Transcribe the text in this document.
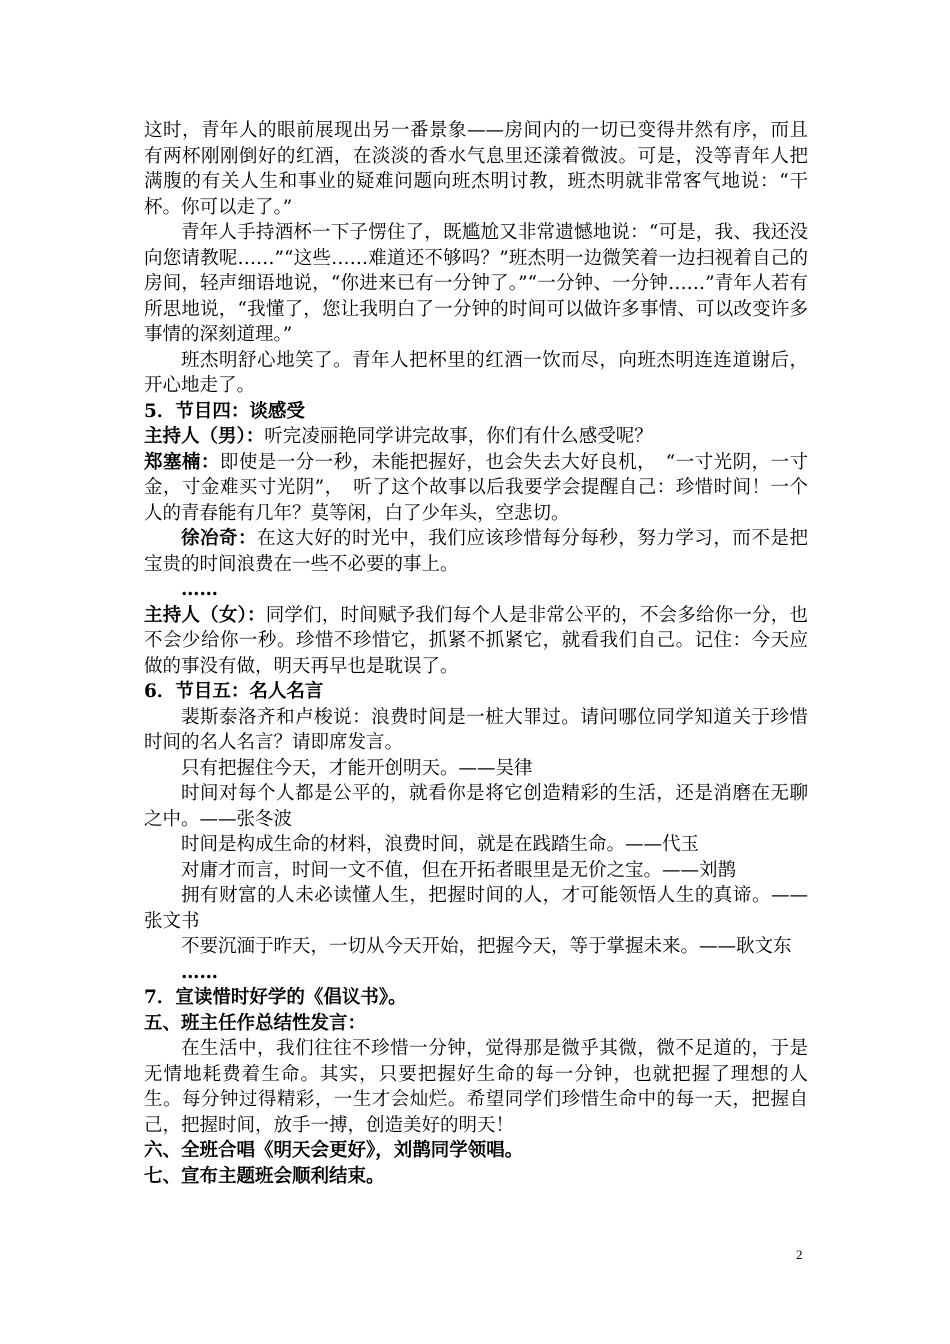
这时，青年人的眼前展现出另一番景象——房间内的一切已变得井然有序，而且有两杯刚刚倒好的红酒，在淡淡的香水气息里还漾着微波。可是，没等青年人把满腹的有关人生和事业的疑难问题向班杰明讨教，班杰明就非常客气地说：“干杯。你可以走了。”

青年人手持酒杯一下子愣住了，既尴尬又非常遗憾地说：“可是，我、我还没向您请教呢……”“这些……难道还不够吗？”班杰明一边微笑着一边扫视着自己的房间，轻声细语地说，“你进来已有一分钟了。”“一分钟、一分钟……”青年人若有所思地说，“我懂了，您让我明白了一分钟的时间可以做许多事情、可以改变许多事情的深刻道理。”

班杰明舒心地笑了。青年人把杯里的红酒一饮而尽，向班杰明连连道谢后，开心地走了。

5．节目四：谈感受

主持人（男）：听完凌丽艳同学讲完故事，你们有什么感受呢？

郑塞楠：即使是一分一秒，未能把握好，也会失去大好良机，　“一寸光阴，一寸金，寸金难买寸光阴”，　听了这个故事以后我要学会提醒自己：珍惜时间！一个人的青春能有几年？莫等闲，白了少年头，空悲切。

徐冶奇：在这大好的时光中，我们应该珍惜每分每秒，努力学习，而不是把宝贵的时间浪费在一些不必要的事上。

……

主持人（女）：同学们，时间赋予我们每个人是非常公平的，不会多给你一分，也不会少给你一秒。珍惜不珍惜它，抓紧不抓紧它，就看我们自己。记住：今天应做的事没有做，明天再早也是耽误了。

6．节目五：名人名言

裴斯泰洛齐和卢梭说：浪费时间是一桩大罪过。请问哪位同学知道关于珍惜时间的名人名言？请即席发言。

只有把握住今天，才能开创明天。——吴律

时间对每个人都是公平的，就看你是将它创造精彩的生活，还是消磨在无聊之中。——张冬波

时间是构成生命的材料，浪费时间，就是在践踏生命。——代玉

对庸才而言，时间一文不值，但在开拓者眼里是无价之宝。——刘鹊

拥有财富的人未必读懂人生，把握时间的人，才可能领悟人生的真谛。——张文书

不要沉湎于昨天，一切从今天开始，把握今天，等于掌握未来。——耿文东

……

7．宣读惜时好学的《倡议书》。

五、班主任作总结性发言：

在生活中，我们往往不珍惜一分钟，觉得那是微乎其微，微不足道的，于是无情地耗费着生命。其实，只要把握好生命的每一分钟，也就把握了理想的人生。每分钟过得精彩，一生才会灿烂。希望同学们珍惜生命中的每一天，把握自己，把握时间，放手一搏，创造美好的明天！

六、全班合唱《明天会更好》，刘鹊同学领唱。

七、宣布主题班会顺利结束。

2
